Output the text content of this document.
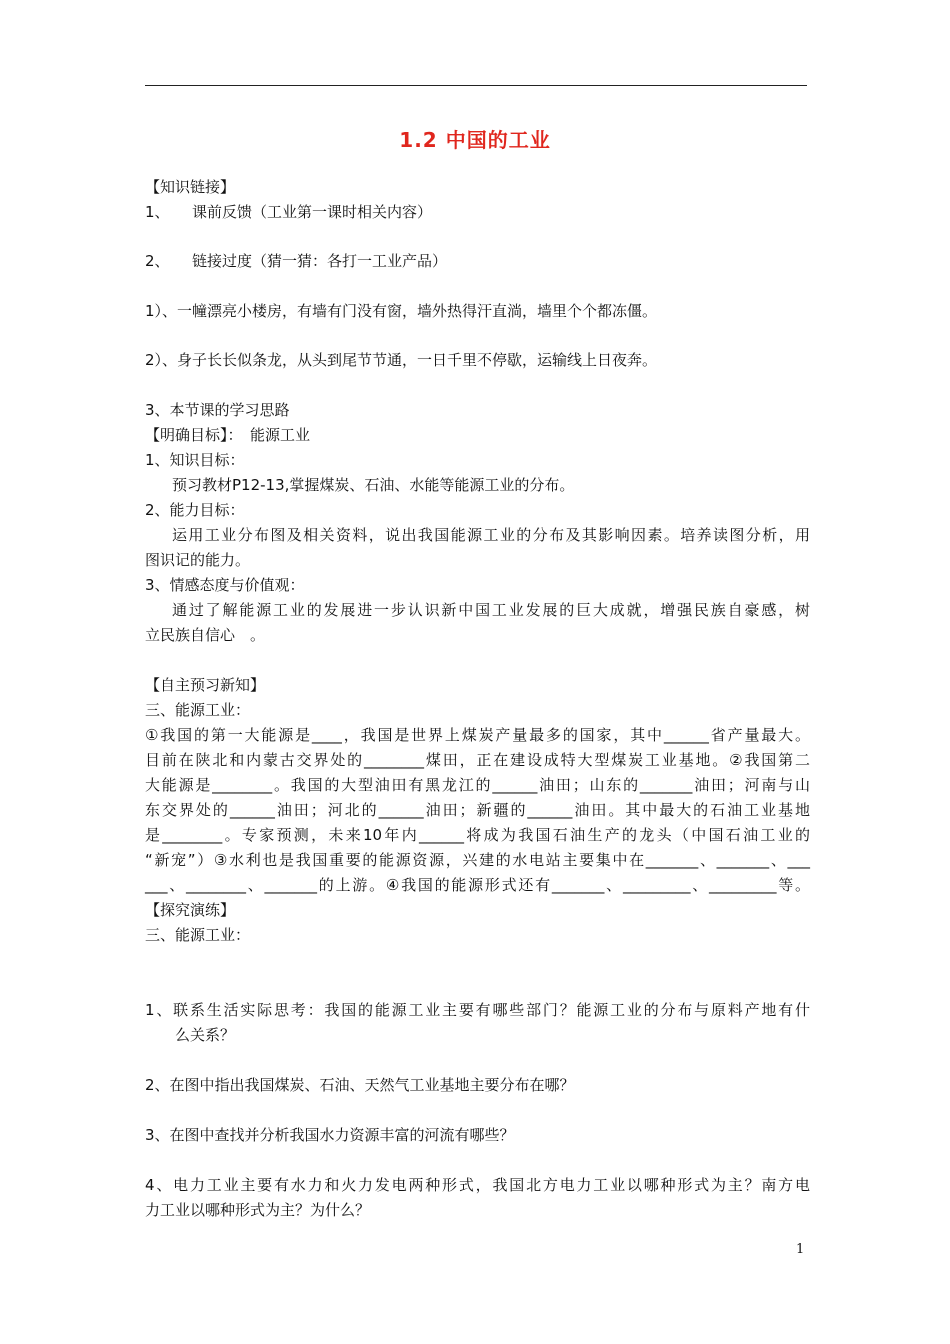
1.2 中国的工业
【知识链接】
1、　　课前反馈（工业第一课时相关内容）
2、　　链接过度（猜一猜：各打一工业产品）
1）、一幢漂亮小楼房，有墙有门没有窗，墙外热得汗直淌，墙里个个都冻僵。
2）、身子长长似条龙，从头到尾节节通，一日千里不停歇，运输线上日夜奔。
3、本节课的学习思路
【明确目标】：　能源工业
1、知识目标：
预习教材P12-13,掌握煤炭、石油、水能等能源工业的分布。
2、能力目标：
运用工业分布图及相关资料，说出我国能源工业的分布及其影响因素。培养读图分析，用
图识记的能力。
3、情感态度与价值观：
通过了解能源工业的发展进一步认识新中国工业发展的巨大成就，增强民族自豪感，树
立民族自信心　。
【自主预习新知】
三、能源工业：
①我国的第一大能源是____，我国是世界上煤炭产量最多的国家，其中______省产量最大。
目前在陕北和内蒙古交界处的________煤田，正在建设成特大型煤炭工业基地。②我国第二
大能源是________。我国的大型油田有黑龙江的______油田；山东的_______油田；河南与山
东交界处的______油田；河北的______油田；新疆的______油田。其中最大的石油工业基地
是________。专家预测，未来10年内______将成为我国石油生产的龙头（中国石油工业的
“新宠”）③水利也是我国重要的能源资源，兴建的水电站主要集中在_______、_______、___
___、________、_______的上游。④我国的能源形式还有_______、_________、_________等。
【探究演练】
三、能源工业：
1、联系生活实际思考：我国的能源工业主要有哪些部门？能源工业的分布与原料产地有什
　　么关系？
2、在图中指出我国煤炭、石油、天然气工业基地主要分布在哪？
3、在图中查找并分析我国水力资源丰富的河流有哪些？
4、电力工业主要有水力和火力发电两种形式，我国北方电力工业以哪种形式为主？南方电
力工业以哪种形式为主？为什么？
1
